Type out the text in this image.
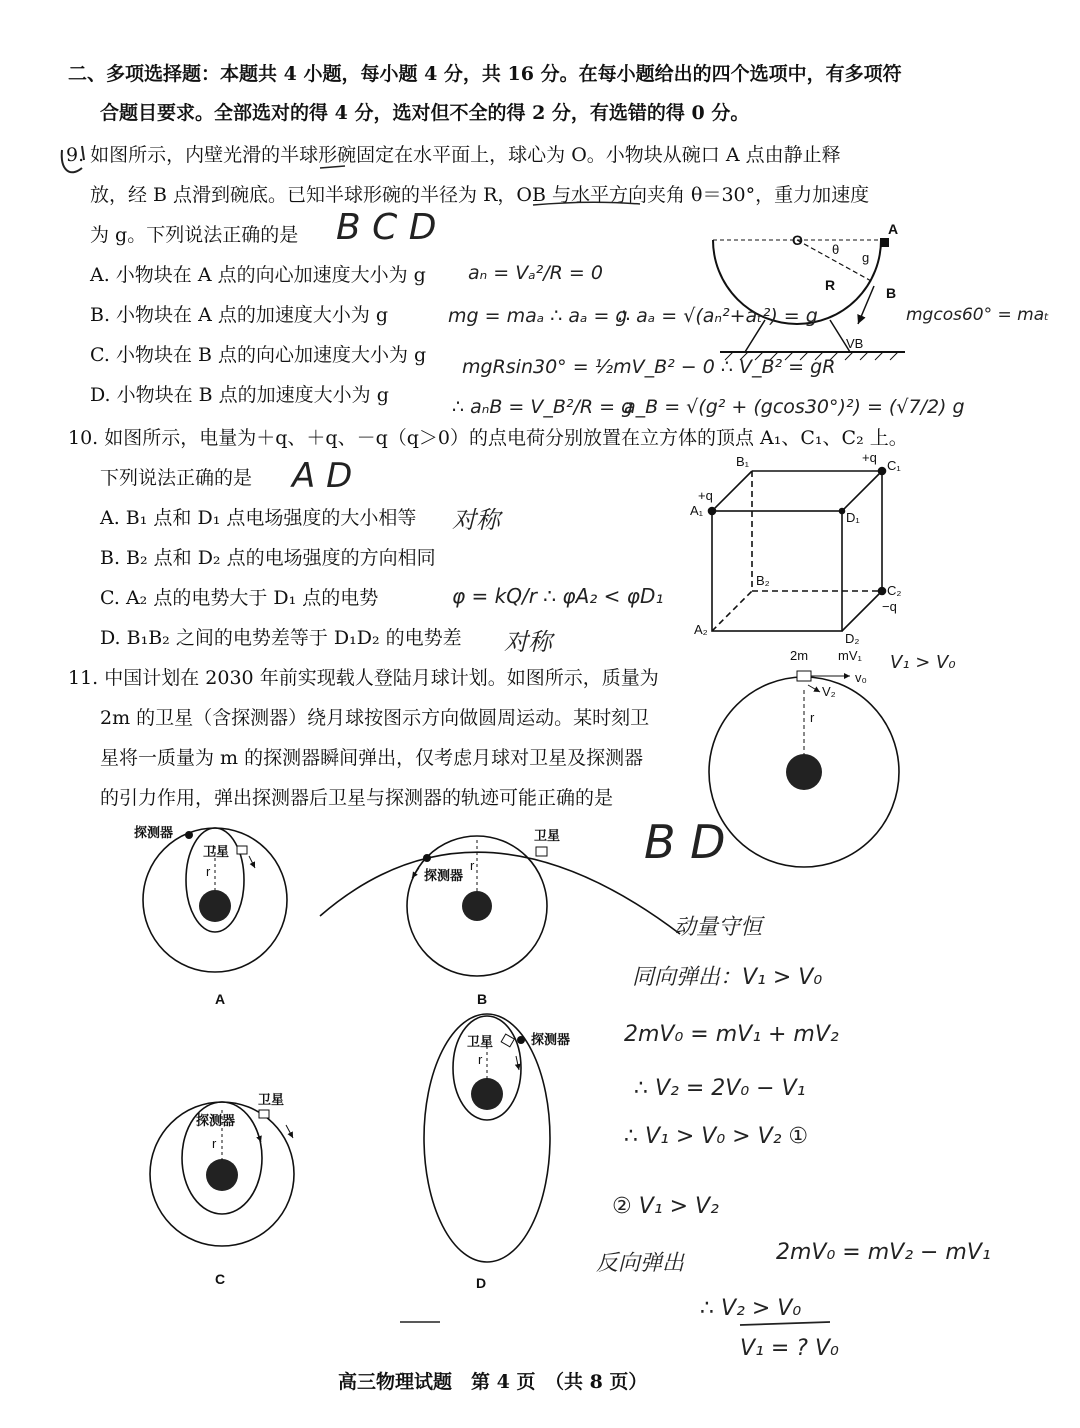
二、多项选择题：本题共 4 小题，每小题 4 分，共 16 分。在每小题给出的四个选项中，有多项符
合题目要求。全部选对的得 4 分，选对但不全的得 2 分，有选错的得 0 分。
9. 如图所示，内壁光滑的半球形碗固定在水平面上，球心为 O。小物块从碗口 A 点由静止释
放，经 B 点滑到碗底。已知半球形碗的半径为 R，OB 与水平方向夹角 θ＝30°，重力加速度
为 g。下列说法正确的是
A. 小物块在 A 点的向心加速度大小为 g
B. 小物块在 A 点的加速度大小为 g
C. 小物块在 B 点的向心加速度大小为 g
D. 小物块在 B 点的加速度大小为 g
10. 如图所示，电量为＋q、＋q、－q（q＞0）的点电荷分别放置在立方体的顶点 A₁、C₁、C₂ 上。
下列说法正确的是
A. B₁ 点和 D₁ 点电场强度的大小相等
B. B₂ 点和 D₂ 点的电场强度的方向相同
C. A₂ 点的电势大于 D₁ 点的电势
D. B₁B₂ 之间的电势差等于 D₁D₂ 的电势差
11. 中国计划在 2030 年前实现载人登陆月球计划。如图所示，质量为
2m 的卫星（含探测器）绕月球按图示方向做圆周运动。某时刻卫
星将一质量为 m 的探测器瞬间弹出，仅考虑月球对卫星及探测器
的引力作用，弹出探测器后卫星与探测器的轨迹可能正确的是
高三物理试题　第 4 页　（共 8 页）
O
A
B
R
θ
g
VB
B₁	C₁
+q
A₁
+q
D₁
B₂
C₂
−q
A₂
D₂
2m mV₁
v₀
V₂
r
探测器
卫星
r
A
探测器
卫星
r
B
探测器
卫星
r
C
探测器
卫星
r
D
B C D
aₙ = Vₐ²/R = 0
mg = maₐ ∴ aₐ = g
∴ aₐ = √(aₙ²+aₜ²) = g	mgcos60° = maₜ
mgRsin30° = ½mV_B² − 0 ∴ V_B² = gR
∴ aₙB = V_B²/R = g
a_B = √(g² + (gcos30°)²) = (√7/2) g
A D
对称
φ = kQ/r ∴ φA₂ < φD₁
对称
V₁ > V₀
B D
动量守恒
同向弹出：V₁ > V₀
2mV₀ = mV₁ + mV₂
∴ V₂ = 2V₀ − V₁
∴ V₁ > V₀ > V₂ ①
② V₁ > V₂
反向弹出	2mV₀ = mV₂ − mV₁
∴ V₂ > V₀
V₁ = ? V₀
